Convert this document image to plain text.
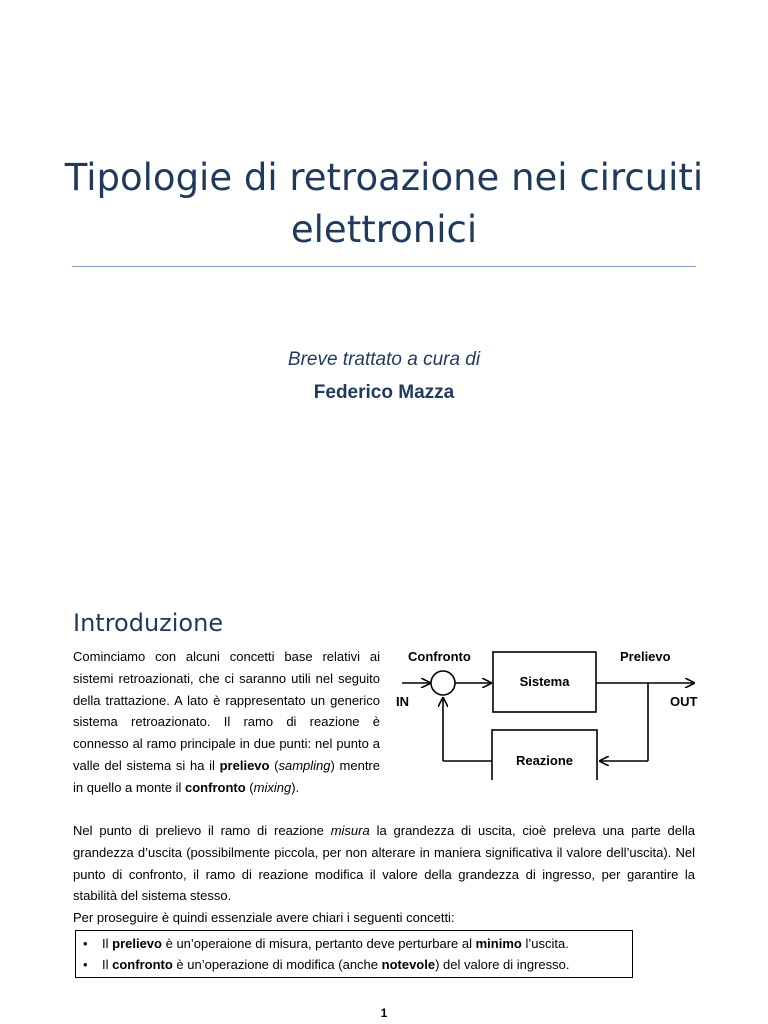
Tipologie di retroazione nei circuiti elettronici
Breve trattato a cura di
Federico Mazza
Introduzione

Cominciamo con alcuni concetti base relativi ai sistemi retroazionati, che ci saranno utili nel seguito della trattazione. A lato è rappresentato un generico sistema retroazionato. Il ramo di reazione è connesso al ramo principale in due punti: nel punto a valle del sistema si ha il prelievo (sampling) mentre in quello a monte il confronto (mixing).

Confronto	Prelievo
IN	OUT
Sistema
Reazione

Nel punto di prelievo il ramo di reazione misura la grandezza di uscita, cioè preleva una parte della grandezza d’uscita (possibilmente piccola, per non alterare in maniera significativa il valore dell’uscita). Nel punto di confronto, il ramo di reazione modifica il valore della grandezza di ingresso, per garantire la stabilità del sistema stesso.

Per proseguire è quindi essenziale avere chiari i seguenti concetti:

• Il prelievo è un’operaione di misura, pertanto deve perturbare al minimo l’uscita.
• Il confronto è un’operazione di modifica (anche notevole) del valore di ingresso.
1
